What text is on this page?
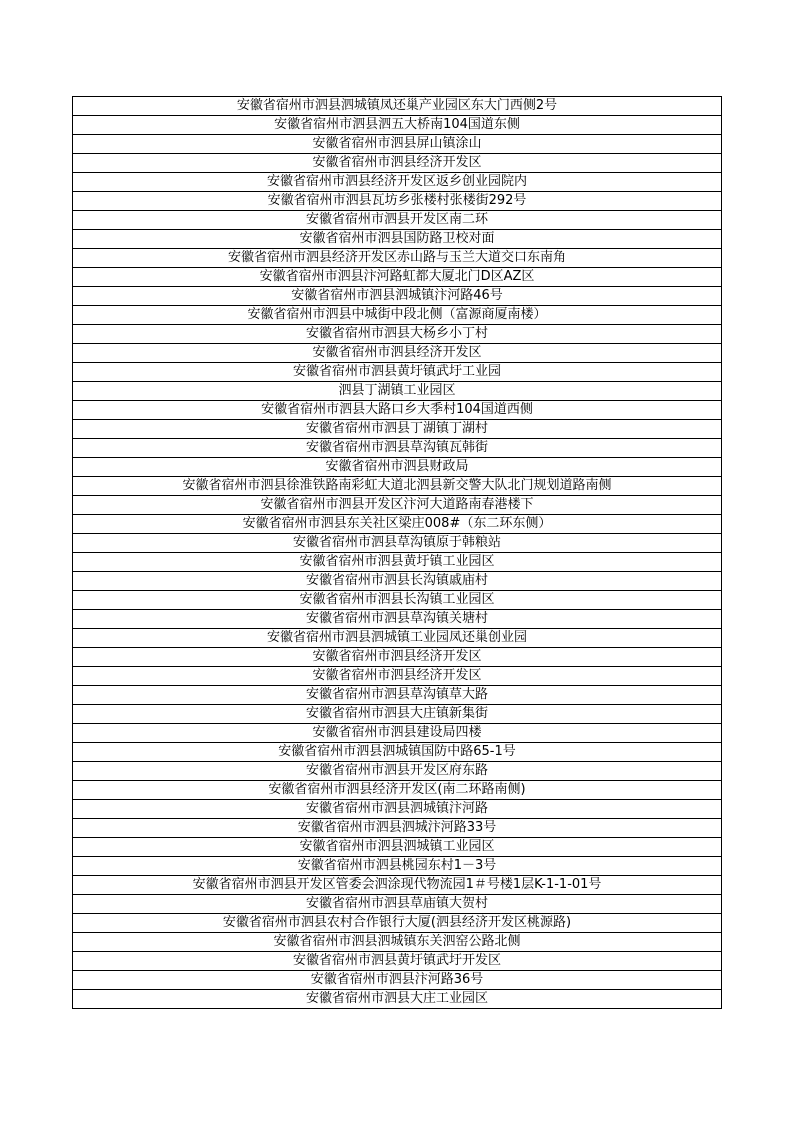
安徽省宿州市泗县泗城镇凤还巢产业园区东大门西侧2号
安徽省宿州市泗县泗五大桥南104国道东侧
安徽省宿州市泗县屏山镇涂山
安徽省宿州市泗县经济开发区
安徽省宿州市泗县经济开发区返乡创业园院内
安徽省宿州市泗县瓦坊乡张楼村张楼街292号
安徽省宿州市泗县开发区南二环
安徽省宿州市泗县国防路卫校对面
安徽省宿州市泗县经济开发区赤山路与玉兰大道交口东南角
安徽省宿州市泗县汴河路虹都大厦北门D区AZ区
安徽省宿州市泗县泗城镇汴河路46号
安徽省宿州市泗县中城街中段北侧（富源商厦南楼）
安徽省宿州市泗县大杨乡小丁村
安徽省宿州市泗县经济开发区
安徽省宿州市泗县黄圩镇武圩工业园
泗县丁湖镇工业园区
安徽省宿州市泗县大路口乡大季村104国道西侧
安徽省宿州市泗县丁湖镇丁湖村
安徽省宿州市泗县草沟镇瓦韩街
安徽省宿州市泗县财政局
安徽省宿州市泗县徐淮铁路南彩虹大道北泗县新交警大队北门规划道路南侧
安徽省宿州市泗县开发区汴河大道路南春港楼下
安徽省宿州市泗县东关社区梁庄008#（东二环东侧）
安徽省宿州市泗县草沟镇原于韩粮站
安徽省宿州市泗县黄圩镇工业园区
安徽省宿州市泗县长沟镇戚庙村
安徽省宿州市泗县长沟镇工业园区
安徽省宿州市泗县草沟镇关塘村
安徽省宿州市泗县泗城镇工业园凤还巢创业园
安徽省宿州市泗县经济开发区
安徽省宿州市泗县经济开发区
安徽省宿州市泗县草沟镇草大路
安徽省宿州市泗县大庄镇新集街
安徽省宿州市泗县建设局四楼
安徽省宿州市泗县泗城镇国防中路65-1号
安徽省宿州市泗县开发区府东路
安徽省宿州市泗县经济开发区(南二环路南侧)
安徽省宿州市泗县泗城镇汴河路
安徽省宿州市泗县泗城汴河路33号
安徽省宿州市泗县泗城镇工业园区
安徽省宿州市泗县桃园东村1－3号
安徽省宿州市泗县开发区管委会泗涂现代物流园1＃号楼1层K-1-1-01号
安徽省宿州市泗县草庙镇大贺村
安徽省宿州市泗县农村合作银行大厦(泗县经济开发区桃源路)
安徽省宿州市泗县泗城镇东关泗窑公路北侧
安徽省宿州市泗县黄圩镇武圩开发区
安徽省宿州市泗县汴河路36号
安徽省宿州市泗县大庄工业园区
